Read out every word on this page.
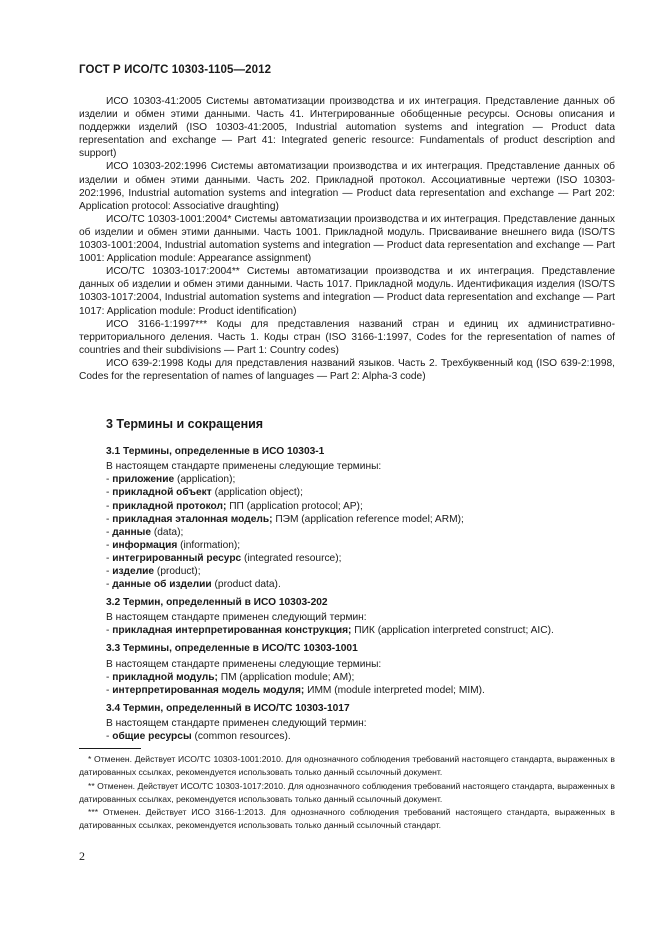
ГОСТ Р ИСО/ТС 10303-1105—2012

ИСО 10303-41:2005 Системы автоматизации производства и их интеграция. Представление данных об изделии и обмен этими данными. Часть 41. Интегрированные обобщенные ресурсы. Основы описания и поддержки изделий (ISO 10303-41:2005, Industrial automation systems and integration — Product data representation and exchange — Part 41: Integrated generic resource: Fundamentals of product description and support)

ИСО 10303-202:1996 Системы автоматизации производства и их интеграция. Представление данных об изделии и обмен этими данными. Часть 202. Прикладной протокол. Ассоциативные чертежи (ISO 10303-202:1996, Industrial automation systems and integration — Product data representation and exchange — Part 202: Application protocol: Associative draughting)

ИСО/ТС 10303-1001:2004* Системы автоматизации производства и их интеграция. Представление данных об изделии и обмен этими данными. Часть 1001. Прикладной модуль. Присваивание внешнего вида (ISO/TS 10303-1001:2004, Industrial automation systems and integration — Product data representation and exchange — Part 1001: Application module: Appearance assignment)

ИСО/ТС 10303-1017:2004** Системы автоматизации производства и их интеграция. Представление данных об изделии и обмен этими данными. Часть 1017. Прикладной модуль. Идентификация изделия (ISO/TS 10303-1017:2004, Industrial automation systems and integration — Product data representation and exchange — Part 1017: Application module: Product identification)

ИСО 3166-1:1997*** Коды для представления названий стран и единиц их административно-территориального деления. Часть 1. Коды стран (ISO 3166-1:1997, Codes for the representation of names of countries and their subdivisions — Part 1: Country codes)

ИСО 639-2:1998 Коды для представления названий языков. Часть 2. Трехбуквенный код (ISO 639-2:1998, Codes for the representation of names of languages — Part 2: Alpha-3 code)

3 Термины и сокращения
3.1 Термины, определенные в ИСО 10303-1
В настоящем стандарте применены следующие термины:
- приложение (application);
- прикладной объект (application object);
- прикладной протокол; ПП (application protocol; AP);
- прикладная эталонная модель; ПЭМ (application reference model; ARM);
- данные (data);
- информация (information);
- интегрированный ресурс (integrated resource);
- изделие (product);
- данные об изделии (product data).
3.2 Термин, определенный в ИСО 10303-202
В настоящем стандарте применен следующий термин:
- прикладная интерпретированная конструкция; ПИК (application interpreted construct; AIC).
3.3 Термины, определенные в ИСО/ТС 10303-1001
В настоящем стандарте применены следующие термины:
- прикладной модуль; ПМ (application module; AM);
- интерпретированная модель модуля; ИММ (module interpreted model; MIM).
3.4 Термин, определенный в ИСО/ТС 10303-1017
В настоящем стандарте применен следующий термин:
- общие ресурсы (common resources).

* Отменен. Действует ИСО/ТС 10303-1001:2010. Для однозначного соблюдения требований настоящего стандарта, выраженных в датированных ссылках, рекомендуется использовать только данный ссылочный документ.

** Отменен. Действует ИСО/ТС 10303-1017:2010. Для однозначного соблюдения требований настоящего стандарта, выраженных в датированных ссылках, рекомендуется использовать только данный ссылочный документ.

*** Отменен. Действует ИСО 3166-1:2013. Для однозначного соблюдения требований настоящего стандарта, выраженных в датированных ссылках, рекомендуется использовать только данный ссылочный стандарт.

2
